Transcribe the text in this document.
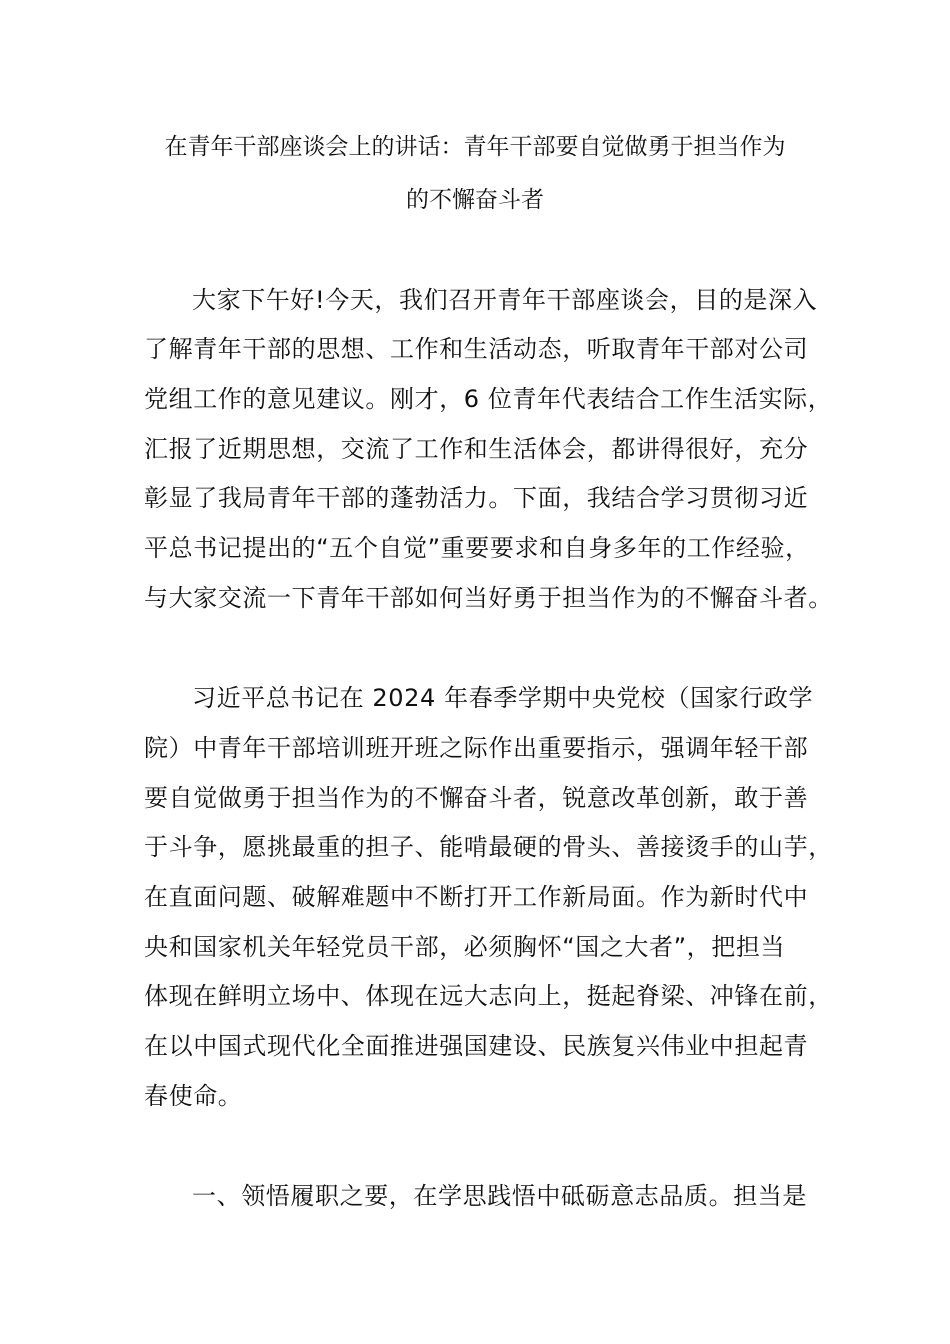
在青年干部座谈会上的讲话：青年干部要自觉做勇于担当作为
的不懈奋斗者
大家下午好!今天，我们召开青年干部座谈会，目的是深入
了解青年干部的思想、工作和生活动态，听取青年干部对公司
党组工作的意见建议。刚才，6 位青年代表结合工作生活实际，
汇报了近期思想，交流了工作和生活体会，都讲得很好，充分
彰显了我局青年干部的蓬勃活力。下面，我结合学习贯彻习近
平总书记提出的“五个自觉”重要要求和自身多年的工作经验，
与大家交流一下青年干部如何当好勇于担当作为的不懈奋斗者。
习近平总书记在 2024 年春季学期中央党校（国家行政学
院）中青年干部培训班开班之际作出重要指示，强调年轻干部
要自觉做勇于担当作为的不懈奋斗者，锐意改革创新，敢于善
于斗争，愿挑最重的担子、能啃最硬的骨头、善接烫手的山芋，
在直面问题、破解难题中不断打开工作新局面。作为新时代中
央和国家机关年轻党员干部，必须胸怀“国之大者”，把担当
体现在鲜明立场中、体现在远大志向上，挺起脊梁、冲锋在前，
在以中国式现代化全面推进强国建设、民族复兴伟业中担起青
春使命。
一、领悟履职之要，在学思践悟中砥砺意志品质。担当是
